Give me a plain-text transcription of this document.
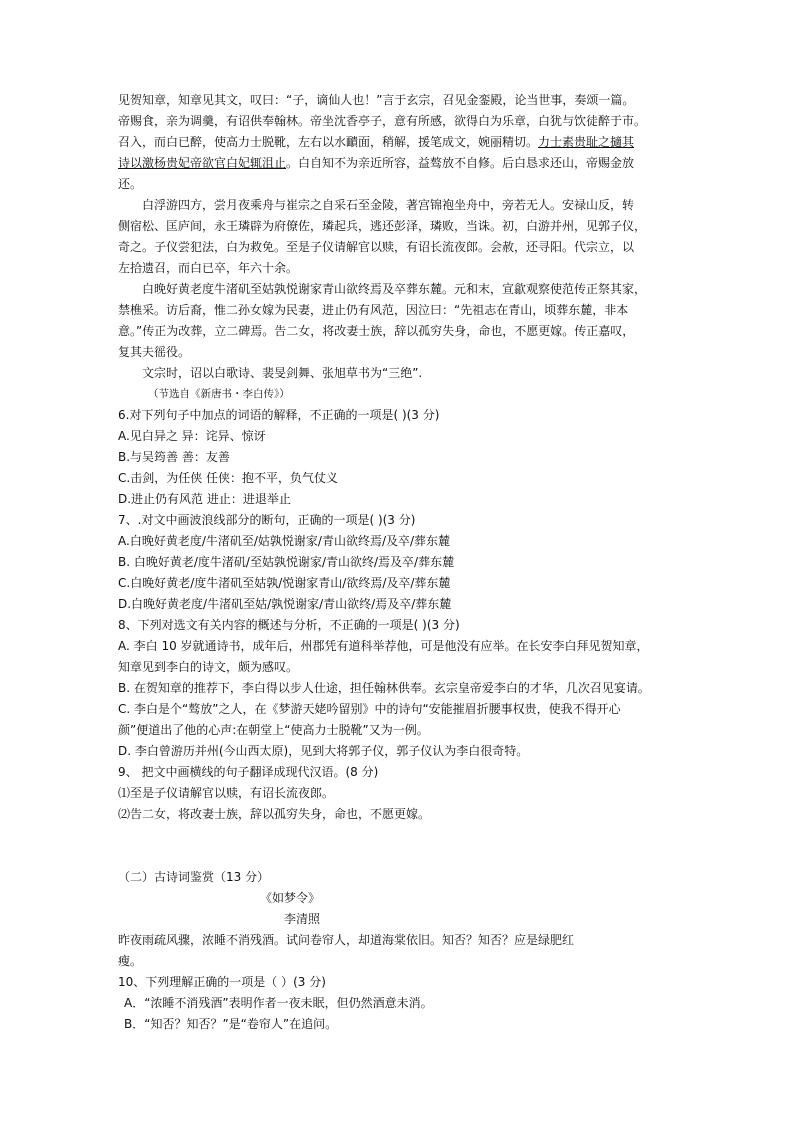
见贺知章，知章见其文，叹曰：“子，谪仙人也！”言于玄宗，召见金銮殿，论当世事，奏颂一篇。
帝赐食，亲为调羹，有诏供奉翰林。帝坐沈香亭子，意有所感，欲得白为乐章，白犹与饮徒醉于市。
召入，而白已醉，使高力士脱靴，左右以水靧面，稍解，援笔成文，婉丽精切。力士素贵耻之擿其
诗以激杨贵妃帝欲官白妃辄沮止。白自知不为亲近所容，益骜放不自修。后白恳求还山，帝赐金放
还。

白浮游四方，尝月夜乘舟与崔宗之自采石至金陵，著宫锦袍坐舟中，旁若无人。安禄山反，转
侧宿松、匡庐间，永王璘辟为府僚佐，璘起兵，逃还彭泽，璘败，当诛。初，白游并州，见郭子仪，
奇之。子仪尝犯法，白为救免。至是子仪请解官以赎，有诏长流夜郎。会赦，还寻阳。代宗立，以
左拾遗召，而白已卒，年六十余。

白晚好黄老度牛渚矶至姑孰悦谢家青山欲终焉及卒葬东麓。元和末，宣歙观察使范传正祭其家，
禁樵采。访后裔，惟二孙女嫁为民妻，进止仍有风范，因泣曰：“先祖志在青山，顷葬东麓，非本
意。”传正为改葬，立二碑焉。告二女，将改妻士族，辞以孤穷失身，命也，不愿更嫁。传正嘉叹，
复其夫徭役。

文宗时，诏以白歌诗、裴旻剑舞、张旭草书为“三绝”.

（节选自《新唐书・李白传》）

6.对下列句子中加点的词语的解释，不正确的一项是( )(3 分)

A.见白异之 异：诧异、惊讶

B.与吴筠善 善：友善

C.击剑，为任侠 任侠：抱不平，负气仗义

D.进止仍有风范 进止：进退举止

7、.对文中画波浪线部分的断句，正确的一项是( )(3 分)

A.白晚好黄老度/牛渚矶至/姑孰悦谢家/青山欲终焉/及卒/葬东麓

B. 白晚好黄老/度牛渚矶/至姑孰悦谢家/青山欲终/焉及卒/葬东麓

C.白晚好黄老/度牛渚矶至姑孰/悦谢家青山/欲终焉/及卒/葬东麓

D.白晚好黄老度/牛渚矶至姑/孰悦谢家/青山欲终/焉及卒/葬东麓

8、下列对选文有关内容的概述与分析，不正确的一项是( )(3 分)

A. 李白 10 岁就通诗书，成年后，州郡凭有道科举荐他，可是他没有应举。在长安李白拜见贺知章，
知章见到李白的诗文，颇为感叹。

B. 在贺知章的推荐下，李白得以步人仕途，担任翰林供奉。玄宗皇帝爱李白的才华，几次召见宴请。

C. 李白是个“骜放”之人，在《梦游天姥吟留别》中的诗句“安能摧眉折腰事权贵，使我不得开心
颜”便道出了他的心声:在朝堂上“使高力士脱靴”又为一例。

D. 李白曾游历并州(今山西太原)，见到大将郭子仪，郭子仪认为李白很奇特。

9、 把文中画横线的句子翻译成现代汉语。(8 分)

⑴至是子仪请解官以赎，有诏长流夜郎。

⑵告二女，将改妻士族，辞以孤穷失身，命也，不愿更嫁。

（二）古诗词鉴赏（13 分）

《如梦令》

李清照

昨夜雨疏风骤，浓睡不消残酒。试问卷帘人，却道海棠依旧。知否？知否？应是绿肥红
瘦。

10、下列理解正确的一项是（ ）(3 分)

A．“浓睡不消残酒”表明作者一夜未眠，但仍然酒意未消。

B．“知否？知否？”是“卷帘人”在追问。
